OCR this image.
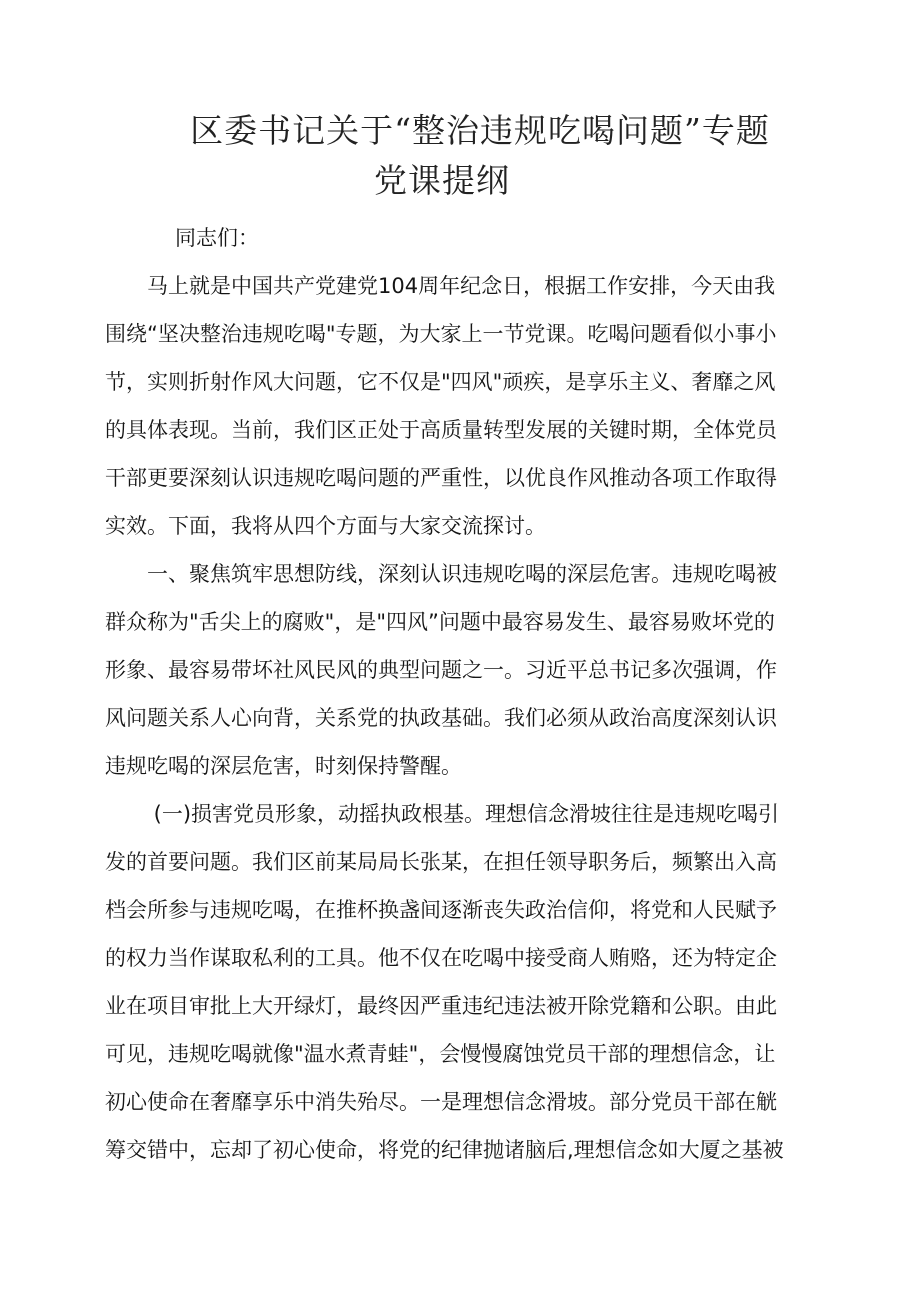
区委书记关于“整治违规吃喝问题”专题
党课提纲
同志们：
　　马上就是中国共产党建党104周年纪念日，根据工作安排，今天由我
围绕“坚决整治违规吃喝"专题，为大家上一节党课。吃喝问题看似小事小
节，实则折射作风大问题，它不仅是"四风"顽疾，是享乐主义、奢靡之风
的具体表现。当前，我们区正处于高质量转型发展的关键时期，全体党员
干部更要深刻认识违规吃喝问题的严重性，以优良作风推动各项工作取得
实效。下面，我将从四个方面与大家交流探讨。
　　一、聚焦筑牢思想防线，深刻认识违规吃喝的深层危害。违规吃喝被
群众称为"舌尖上的腐败"，是"四风”问题中最容易发生、最容易败坏党的
形象、最容易带坏社风民风的典型问题之一。习近平总书记多次强调，作
风问题关系人心向背，关系党的执政基础。我们必须从政治高度深刻认识
违规吃喝的深层危害，时刻保持警醒。
　　 (一)损害党员形象，动摇执政根基。理想信念滑坡往往是违规吃喝引
发的首要问题。我们区前某局局长张某，在担任领导职务后，频繁出入高
档会所参与违规吃喝，在推杯换盏间逐渐丧失政治信仰，将党和人民赋予
的权力当作谋取私利的工具。他不仅在吃喝中接受商人贿赂，还为特定企
业在项目审批上大开绿灯，最终因严重违纪违法被开除党籍和公职。由此
可见，违规吃喝就像"温水煮青蛙"，会慢慢腐蚀党员干部的理想信念，让
初心使命在奢靡享乐中消失殆尽。一是理想信念滑坡。部分党员干部在觥
筹交错中，忘却了初心使命，将党的纪律抛诸脑后,理想信念如大厦之基被
